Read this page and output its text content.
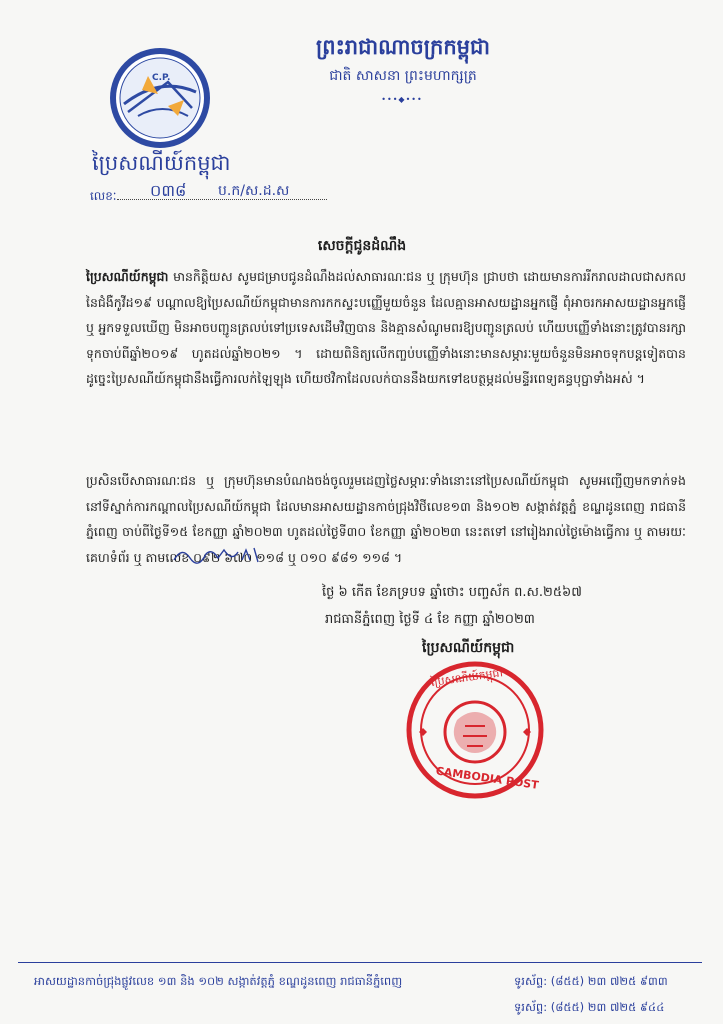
C.P.
ប្រៃសណីយ៍កម្ពុជា
លេខៈ	០៣៨ ប.ក/ស.ដ.ស
ព្រះរាជាណាចក្រកម្ពុជា
ជាតិ សាសនា ព្រះមហាក្សត្រ
•••◆•••
សេចក្ដីជូនដំណឹង
ប្រៃសណីយ៍កម្ពុជា មានកិត្តិយស សូមជម្រាបជូនដំណឹងដល់សាធារណៈជន ឬ ក្រុមហ៊ុន ជ្រាបថា ដោយមានការរីករាលដាលជាសកលនៃជំងឺកូវីដ១៩ បណ្ដាលឱ្យប្រៃសណីយ៍កម្ពុជាមានការកកស្ទះបញ្ញើមួយចំនួន ដែលគ្មានអាសយដ្ឋានអ្នកផ្ញើ ពុំអាចរកអាសយដ្ឋានអ្នកផ្ញើ ឬ អ្នកទទួលឃើញ មិនអាចបញ្ជូនត្រលប់ទៅប្រទេសដើមវិញបាន និងគ្មានសំណូមពរឱ្យបញ្ជូនត្រលប់ ហើយបញ្ញើទាំងនោះត្រូវបានរក្សាទុកចាប់ពីឆ្នាំ២០១៩ ហូតដល់ឆ្នាំ២០២១ ។ ដោយពិនិត្យលើកញ្ចប់បញ្ញើទាំងនោះមានសម្ភារៈមួយចំនួនមិនអាចទុកបន្តទៀតបាន ដូច្នេះប្រៃសណីយ៍កម្ពុជានឹងធ្វើការលក់ឡៃឡុង ហើយថវិកាដែលលក់បាននឹងយកទៅឧបត្ថម្ភដល់មន្ទីរពេទ្យគន្ធបុប្ផាទាំងអស់ ។
ប្រសិនបើសាធារណៈជន ឬ ក្រុមហ៊ុនមានបំណងចង់ចូលរួមដេញថ្លៃសម្ភារៈទាំងនោះនៅប្រៃសណីយ៍កម្ពុជា សូមអញ្ជើញមកទាក់ទងនៅទីស្នាក់ការកណ្ដាលប្រៃសណីយ៍កម្ពុជា ដែលមានអាសយដ្ឋានកាច់ជ្រុងវិថីលេខ១៣ និង១០២ សង្កាត់វត្តភ្នំ ខណ្ឌដូនពេញ រាជធានីភ្នំពេញ ចាប់ពីថ្ងៃទី១៥ ខែកញ្ញា ឆ្នាំ២០២៣ ហូតដល់ថ្ងៃទី៣០ ខែកញ្ញា ឆ្នាំ២០២៣ នេះតទៅ នៅរៀងរាល់ថ្ងៃម៉ោងធ្វើការ ឬ តាមរយៈគេហទំព័រ ឬ តាមលេខ ០៩២ ៦៧០ ១១៨ ឬ ០១០ ៩៨១ ១១៨ ។
ថ្ងៃ ៦ កើត ខែភទ្របទ ឆ្នាំថោះ បញ្ចស័ក ព.ស.២៥៦៧
រាជធានីភ្នំពេញ ថ្ងៃទី ៤ ខែ កញ្ញា ឆ្នាំ២០២៣
ប្រៃសណីយ៍កម្ពុជា
ប្រៃសណីយ៍កម្ពុជា
CAMBODIA POST
អាសយដ្ឋានកាច់ជ្រុងផ្លូវលេខ ១៣ និង ១០២ សង្កាត់វត្តភ្នំ ខណ្ឌដូនពេញ រាជធានីភ្នំពេញ	ទូរស័ព្ទ: (៨៥៥) ២៣ ៧២៥ ៩៣៣
ទូរស័ព្ទ: (៨៥៥) ២៣ ៧២៥ ៩៤៤
